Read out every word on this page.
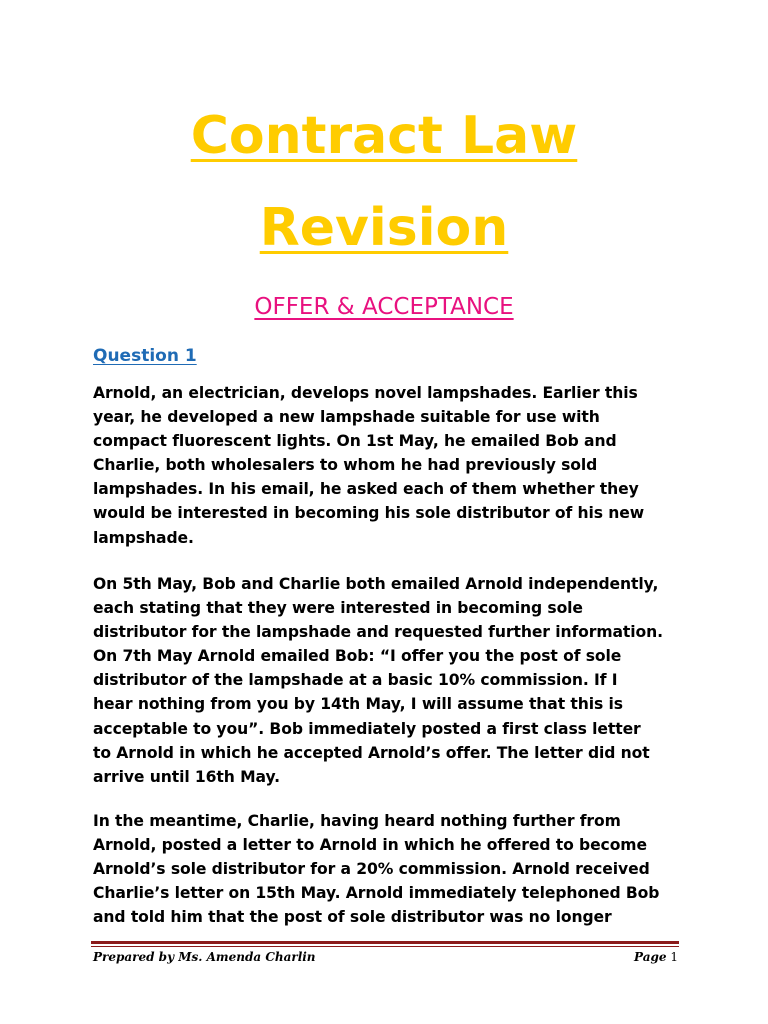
Contract Law
Revision
OFFER & ACCEPTANCE
Question 1
Arnold, an electrician, develops novel lampshades. Earlier this
year, he developed a new lampshade suitable for use with
compact fluorescent lights. On 1st May, he emailed Bob and
Charlie, both wholesalers to whom he had previously sold
lampshades. In his email, he asked each of them whether they
would be interested in becoming his sole distributor of his new
lampshade.
On 5th May, Bob and Charlie both emailed Arnold independently,
each stating that they were interested in becoming sole
distributor for the lampshade and requested further information.
On 7th May Arnold emailed Bob: “I offer you the post of sole
distributor of the lampshade at a basic 10% commission. If I
hear nothing from you by 14th May, I will assume that this is
acceptable to you”. Bob immediately posted a first class letter
to Arnold in which he accepted Arnold’s offer. The letter did not
arrive until 16th May.
In the meantime, Charlie, having heard nothing further from
Arnold, posted a letter to Arnold in which he offered to become
Arnold’s sole distributor for a 20% commission. Arnold received
Charlie’s letter on 15th May. Arnold immediately telephoned Bob
and told him that the post of sole distributor was no longer
Prepared by Ms. Amenda Charlin	Page 1
